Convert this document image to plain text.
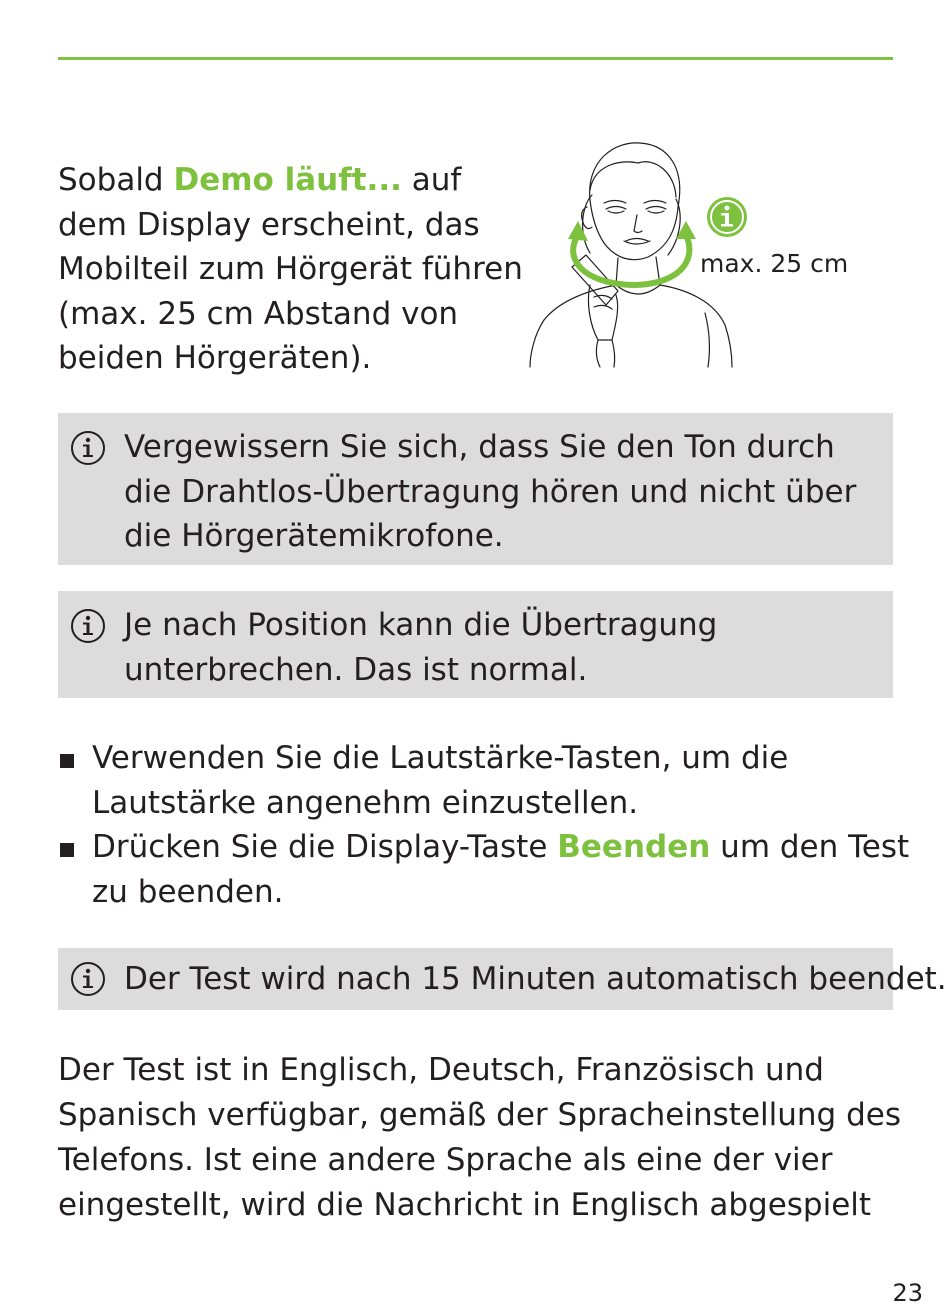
Sobald Demo läuft... auf dem Display erscheint, das Mobilteil zum Hörgerät führen (max. 25 cm Abstand von beiden Hörgeräten).

max. 25 cm
Vergewissern Sie sich, dass Sie den Ton durch die Drahtlos-Übertragung hören und nicht über die Hörgerätemikrofone.
Je nach Position kann die Übertragung unterbrechen. Das ist normal.
Verwenden Sie die Lautstärke-Tasten, um die Lautstärke angenehm einzustellen.
Drücken Sie die Display-Taste Beenden um den Test zu beenden.
Der Test wird nach 15 Minuten automatisch beendet.

Der Test ist in Englisch, Deutsch, Französisch und Spanisch verfügbar, gemäß der Spracheinstellung des Telefons. Ist eine andere Sprache als eine der vier eingestellt, wird die Nachricht in Englisch abgespielt

23
